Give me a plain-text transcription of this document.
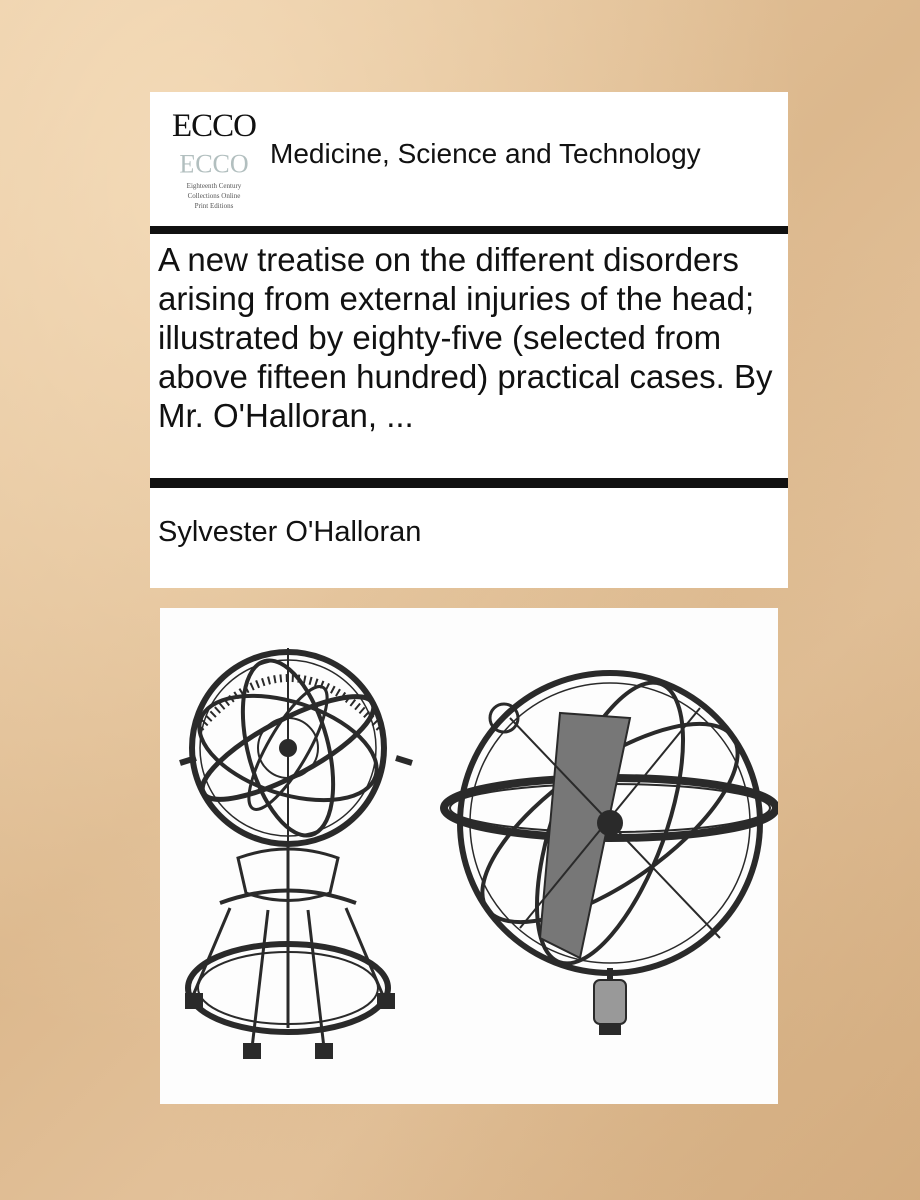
ECCO
ECCO
Eighteenth Century
Collections Online
Print Editions
Medicine, Science and Technology
A new treatise on the different disorders arising from external injuries of the head; illustrated by eighty-five (selected from above fifteen hundred) practical cases. By Mr. O'Halloran, ...
Sylvester O'Halloran
